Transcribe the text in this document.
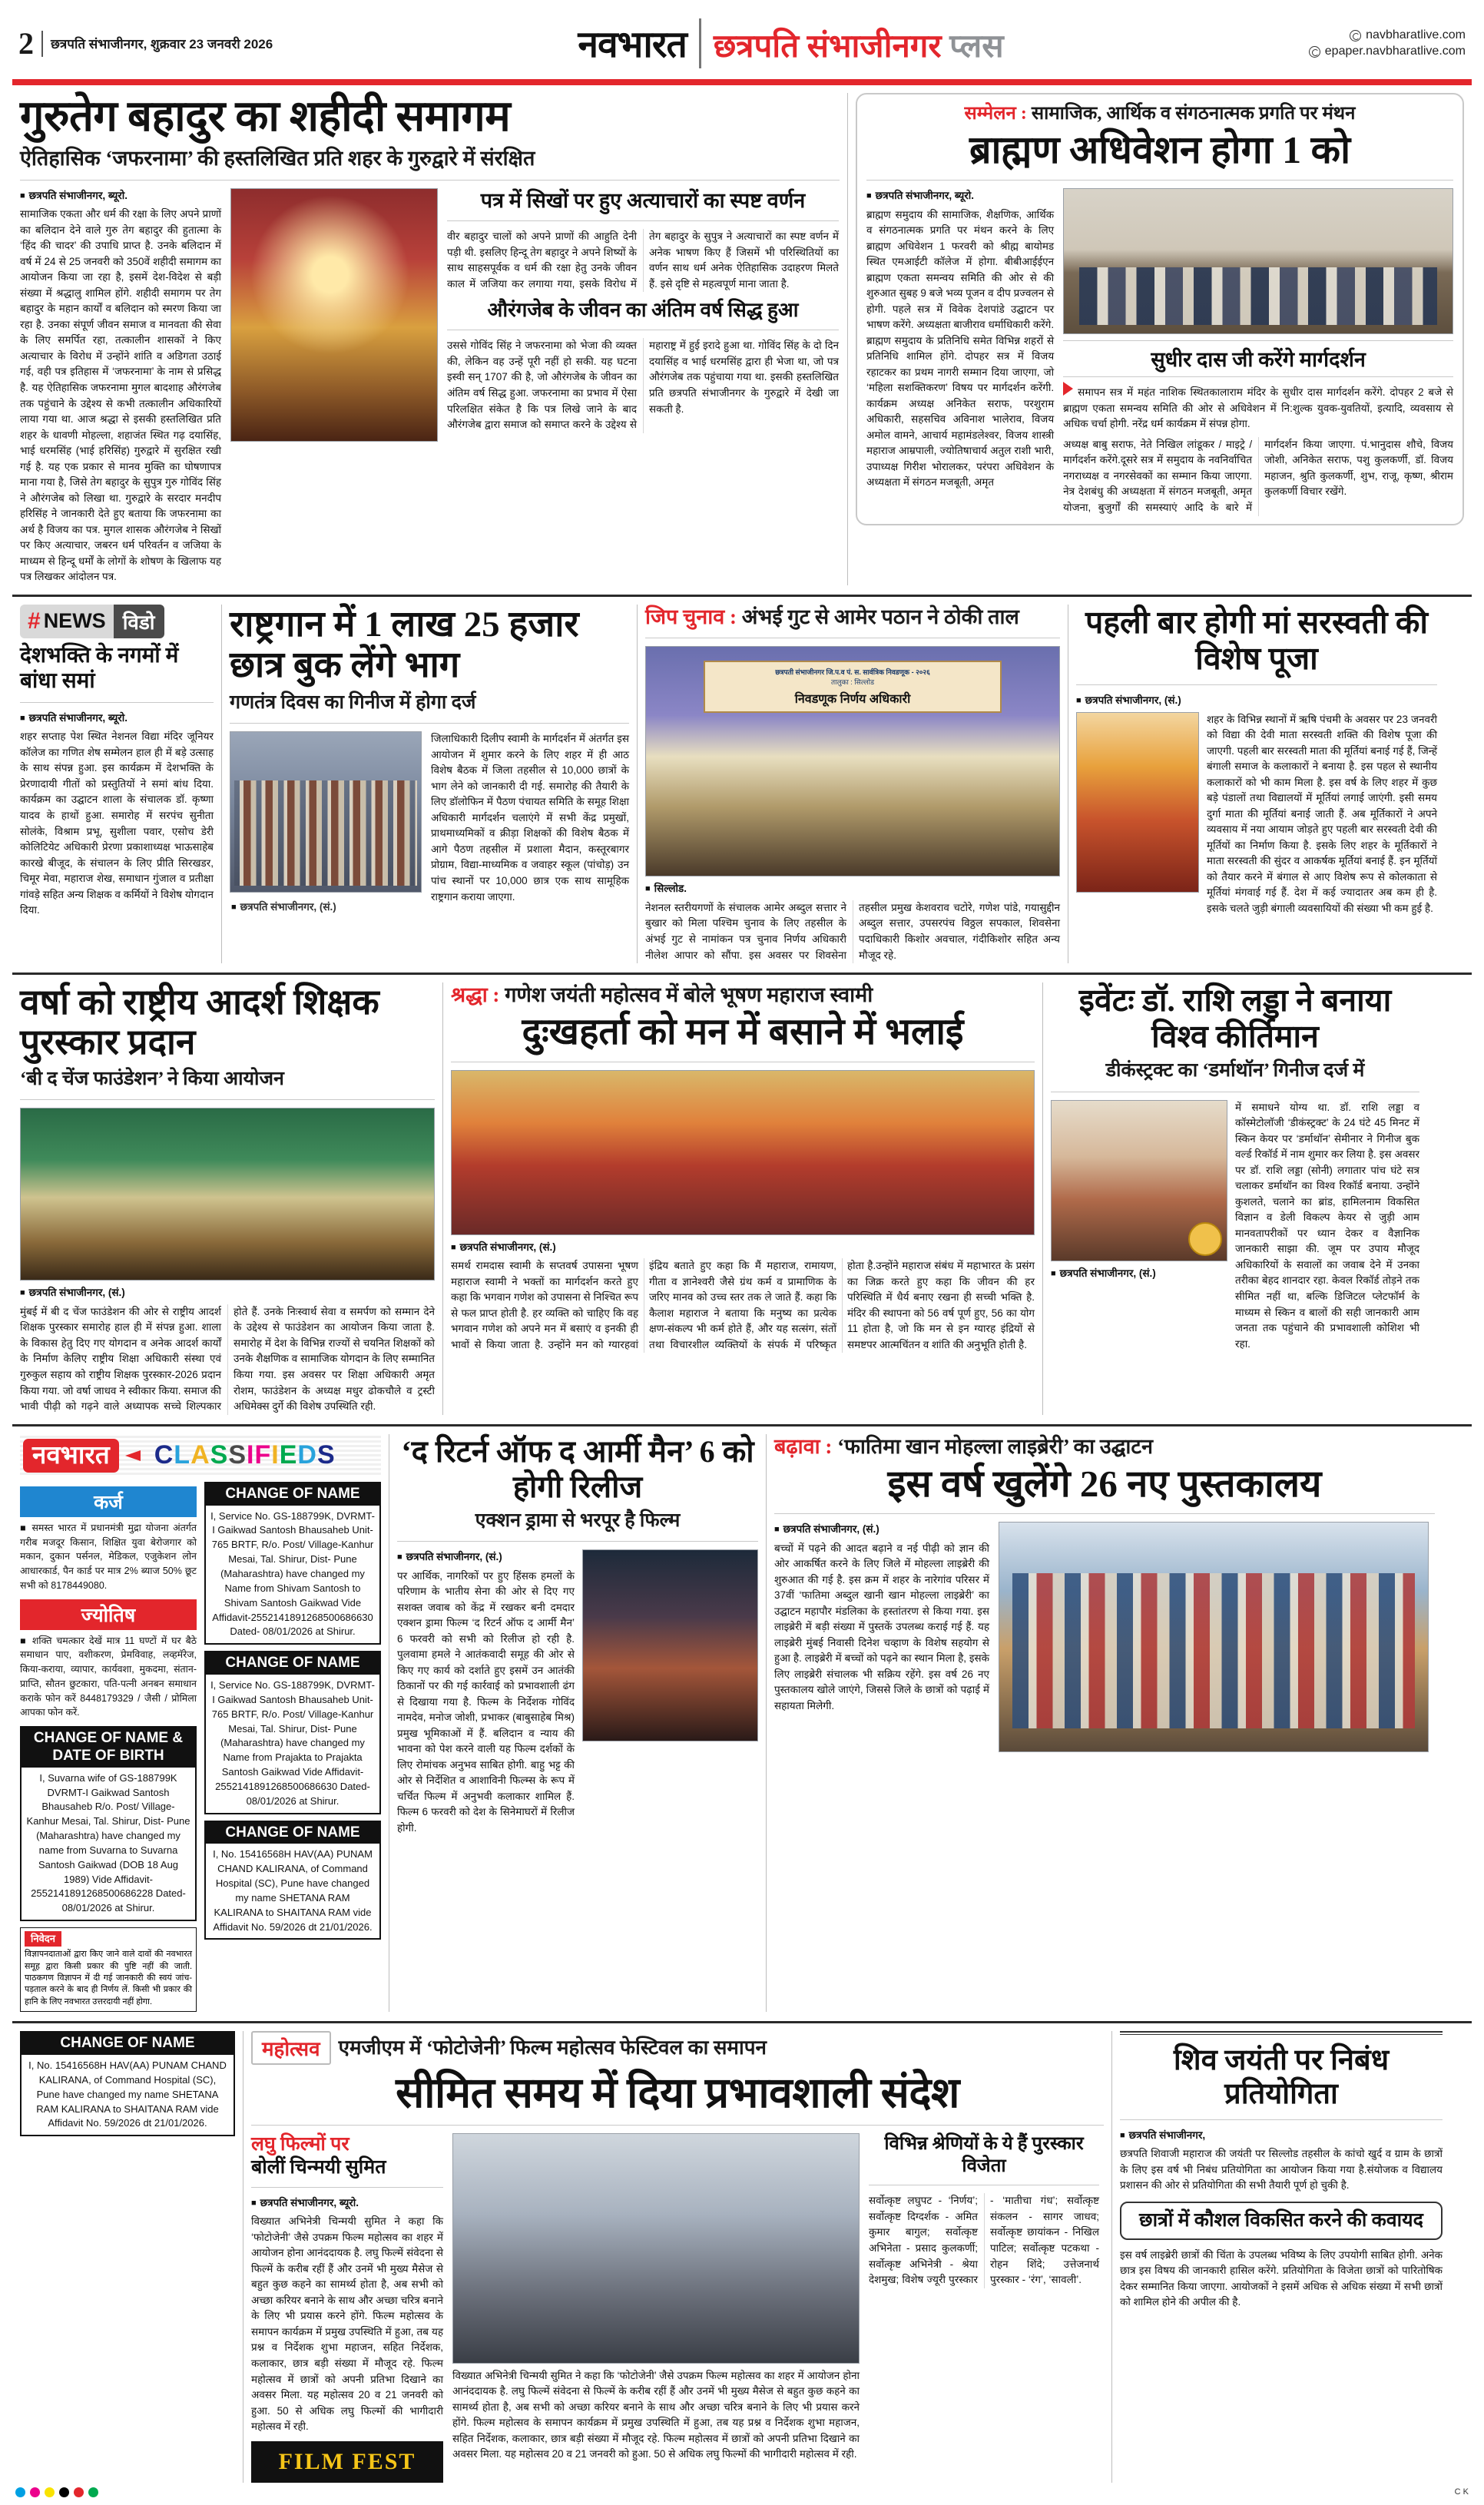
2 छत्रपति संभाजीनगर, शुक्रवार 23 जनवरी 2026	नवभारत छत्रपति संभाजीनगर प्लस	navbharatlive.com
epaper.navbharatlive.com
गुरुतेग बहादुर का शहीदी समागम
ऐतिहासिक ‘जफरनामा’ की हस्तलिखित प्रति शहर के गुरुद्वारे में संरक्षित
■ छत्रपति संभाजीनगर, ब्यूरो.
सामाजिक एकता और धर्म की रक्षा के लिए अपने प्राणों का बलिदान देने वाले गुरु तेग बहादुर की हुतात्मा के ‘हिंद की चादर’ की उपाधि प्राप्त है. उनके बलिदान में वर्ष में 24 से 25 जनवरी को 350वें शहीदी समागम का आयोजन किया जा रहा है, इसमें देश-विदेश से बड़ी संख्या में श्रद्धालु शामिल होंगे. शहीदी समागम पर तेग बहादुर के महान कार्यों व बलिदान को स्मरण किया जा रहा है. उनका संपूर्ण जीवन समाज व मानवता की सेवा के लिए समर्पित रहा, तत्कालीन शासकों ने किए अत्याचार के विरोध में उन्होंने शांति व अडिगता उठाई गई, वही पत्र इतिहास में ‘जफरनामा’ के नाम से प्रसिद्ध है. यह ऐतिहासिक जफरनामा मुगल बादशाह औरंगजेब तक पहुंचाने के उद्देश्य से कभी तत्कालीन अधिकारियों लाया गया था. आज श्रद्धा से इसकी हस्तलिखित प्रति शहर के धावणी मोहल्ला, शहाजंत स्थित गढ़ दयासिंह, भाई धरमसिंह (भाई हरिसिंह) गुरुद्वारे में सुरक्षित रखी गई है. यह एक प्रकार से मानव मुक्ति का घोषणापत्र माना गया है, जिसे तेग बहादुर के सुपुत्र गुरु गोविंद सिंह ने औरंगजेब को लिखा था. गुरुद्वारे के सरदार मनदीप हरिसिंह ने जानकारी देते हुए बताया कि जफरनामा का अर्थ है विजय का पत्र. मुगल शासक औरंगजेब ने सिखों पर किए अत्याचार, जबरन धर्म परिवर्तन व जजिया के माध्यम से हिन्दू धर्मों के लोगों के शोषण के खिलाफ यह पत्र लिखकर आंदोलन पत्र.
पत्र में सिखों पर हुए अत्याचारों का स्पष्ट वर्णन
वीर बहादुर चालों को अपने प्राणों की आहुति देनी पड़ी थी. इसलिए हिन्दू तेग बहादुर ने अपने शिष्यों के साथ साहसपूर्वक व धर्म की रक्षा हेतु उनके जीवन काल में जजिया कर लगाया गया, इसके विरोध में तेग बहादुर के सुपुत्र ने अत्याचारों का स्पष्ट वर्णन में अनेक भाषण किए हैं जिसमें भी परिस्थितियों का वर्णन साथ धर्म अनेक ऐतिहासिक उदाहरण मिलते हैं. इसे दृष्टि से महत्वपूर्ण माना जाता है.
औरंगजेब के जीवन का अंतिम वर्ष सिद्ध हुआ
उससे गोविंद सिंह ने जफरनामा को भेजा की व्यक्त की, लेकिन वह उन्हें पूरी नहीं हो सकी. यह घटना इस्वी सन् 1707 की है, जो औरंगजेब के जीवन का अंतिम वर्ष सिद्ध हुआ. जफरनामा का प्रभाव में ऐसा परिलक्षित संकेत है कि पत्र लिखे जाने के बाद औरंगजेब द्वारा समाज को समाप्त करने के उद्देश्य से महाराष्ट्र में हुई इरादे हुआ था. गोविंद सिंह के दो दिन दयासिंह व भाई धरमसिंह द्वारा ही भेजा था, जो पत्र औरंगजेब तक पहुंचाया गया था. इसकी हस्तलिखित प्रति छत्रपति संभाजीनगर के गुरुद्वारे में देखी जा सकती है.
सम्मेलन : सामाजिक, आर्थिक व संगठनात्मक प्रगति पर मंथन
ब्राह्मण अधिवेशन होगा 1 को
■ छत्रपति संभाजीनगर, ब्यूरो.
ब्राह्मण समुदाय की सामाजिक, शैक्षणिक, आर्थिक व संगठनात्मक प्रगति पर मंथन करने के लिए ब्राह्मण अधिवेशन 1 फरवरी को श्रीह्म बायोमड स्थित एमआईटी कॉलेज में होगा. बीबीआईईएन ब्राह्मण एकता समन्वय समिति की ओर से की शुरुआत सुबह 9 बजे भव्य पूजन व दीप प्रज्वलन से होगी. पहले सत्र में विवेक देशपांडे उद्घाटन पर भाषण करेंगे. अध्यक्षता बाजीराव धर्माधिकारी करेंगे. ब्राह्मण समुदाय के प्रतिनिधि समेत विभिन्न शहरों से प्रतिनिधि शामिल होंगे. दोपहर सत्र में विजय रहाटकर का प्रथम नागरी सम्मान दिया जाएगा, जो ‘महिला सशक्तिकरण’ विषय पर मार्गदर्शन करेंगी. कार्यक्रम अध्यक्ष अनिकेत सराफ, परशुराम अधिकारी, सहसचिव अविनाश भालेराव, विजय अमोल वामने, आचार्य महामंडलेश्वर, विजय शास्त्री महाराज आम्रपाली, ज्योतिषाचार्य अतुल राशी भारी, उपाध्यक्ष गिरीश भोरालकर, परंपरा अधिवेशन के अध्यक्षता में संगठन मजबूती, अमृत
सुधीर दास जी करेंगे मार्गदर्शन
समापन सत्र में महंत नाशिक स्थितकालाराम मंदिर के सुधीर दास मार्गदर्शन करेंगे. दोपहर 2 बजे से ब्राह्मण एकता समन्वय समिति की ओर से अधिवेशन में नि:शुल्क युवक-युवतियों, इत्यादि, व्यवसाय से अधिक चर्चा होगी. नरेंद्र धर्म कार्यक्रम में संपन्न होगा.
अध्यक्ष बाबु सराफ, नेते निखिल लांडूकर / माइट्रे / मार्गदर्शन करेंगे.दूसरे सत्र में समुदाय के नवनिर्वाचित नगराध्यक्ष व नगरसेवकों का सम्मान किया जाएगा. नेत्र देशबंधु की अध्यक्षता में संगठन मजबूती, अमृत योजना, बुजुर्गों की समस्याएं आदि के बारे में मार्गदर्शन किया जाएगा. पं.भानुदास शौचे, विजय जोशी, अनिकेत सराफ, पशु कुलकर्णी, डॉ. विजय महाजन, श्रुति कुलकर्णी, शुभ, राजू, कृष्ण, श्रीराम कुलकर्णी विचार रखेंगे.
# NEWS विडो
देशभक्ति के नगमों में बांधा समां
■ छत्रपति संभाजीनगर, ब्यूरो.
शहर सप्ताह पेश स्थित नेशनल विद्या मंदिर जूनियर कॉलेज का गणित शेष सम्मेलन हाल ही में बड़े उत्साह के साथ संपन्न हुआ. इस कार्यक्रम में देशभक्ति के प्रेरणादायी गीतों को प्रस्तुतियों ने समां बांध दिया. कार्यक्रम का उद्घाटन शाला के संचालक डॉ. कृष्णा यादव के हाथों हुआ. समारोह में सरपंच सुनीता सोलंके, विश्राम प्रभू, सुशीला पवार, एसोच डेरी कोलिटियेट अधिकारी प्रेरणा प्रकाशाध्यक्ष भाऊसाहेब कारखे बीजूद, के संचालन के लिए प्रीति सिरखडर, चिमूर मेवा, महाराज शेख, समाधान गुंजाल व प्रतीक्षा गांवड़े सहित अन्य शिक्षक व कर्मियों ने विशेष योगदान दिया.
राष्ट्रगान में 1 लाख 25 हजार छात्र बुक लेंगे भाग
गणतंत्र दिवस का गिनीज में होगा दर्ज
■ छत्रपति संभाजीनगर, (सं.)
जिलाधिकारी दिलीप स्वामी के मार्गदर्शन में अंतर्गत इस आयोजन में शुमार करने के लिए शहर में ही आठ विशेष बैठक में जिला तहसील से 10,000 छात्रों के भाग लेने को जानकारी दी गई. समारोह की तैयारी के लिए डॉलोफिन में पैठण पंचायत समिति के समूह शिक्षा अधिकारी मार्गदर्शन चलाएंगे में सभी केंद्र प्रमुखों, प्राथमाध्यमिकों व क्रीड़ा शिक्षकों की विशेष बैठक में आगे पैठण तहसील में प्रशाला मैदान, कस्तूरबागर प्रोग्राम, विद्या-माध्यमिक व जवाहर स्कूल (पांचोड़) उन पांच स्थानों पर 10,000 छात्र एक साथ सामूहिक राष्ट्रगान कराया जाएगा.
जिप चुनाव : अंभई गुट से आमेर पठान ने ठोकी ताल
छत्रपती संभाजीनगर जि.प.व पं. स. सार्वत्रिक निवडणूक - २०२६
तालुका : सिल्लोड
निवडणूक निर्णय अधिकारी
■ सिल्लोड.
नेशनल स्तरीयगणों के संचालक आमेर अब्दुल सत्तार ने बुखार को मिला पश्चिम चुनाव के लिए तहसील के अंभई गुट से नामांकन पत्र चुनाव निर्णय अधिकारी नीलेश आपार को सौंपा. इस अवसर पर शिवसेना तहसील प्रमुख केशवराव चटोरे, गणेश पांडे, गयासुद्दीन अब्दुल सत्तार, उपसरपंच विठ्ठल सपकाल, शिवसेना पदाधिकारी किशोर अवचाल, गंदीकिशोर सहित अन्य मौजूद रहे.
पहली बार होगी मां सरस्वती की विशेष पूजा
■ छत्रपति संभाजीनगर, (सं.)
शहर के विभिन्न स्थानों में ऋषि पंचमी के अवसर पर 23 जनवरी को विद्या की देवी माता सरस्वती शक्ति की विशेष पूजा की जाएगी. पहली बार सरस्वती माता की मूर्तियां बनाई गई हैं, जिन्हें बंगाली समाज के कलाकारों ने बनाया है. इस पहल से स्थानीय कलाकारों को भी काम मिला है. इस वर्ष के लिए शहर में कुछ बड़े पंडालों तथा विद्यालयों में मूर्तियां लगाई जाएंगी. इसी समय दुर्गा माता की मूर्तियां बनाई जाती हैं. अब मूर्तिकारों ने अपने व्यवसाय में नया आयाम जोड़ते हुए पहली बार सरस्वती देवी की मूर्तियों का निर्माण किया है. इसके लिए शहर के मूर्तिकारों ने माता सरस्वती की सुंदर व आकर्षक मूर्तियां बनाई हैं. इन मूर्तियों को तैयार करने में बंगाल से आए विशेष रूप से कोलकाता से मूर्तियां मंगवाई गई हैं. देश में कई ज्यादातर अब कम ही है. इसके चलते जुड़ी बंगाली व्यवसायियों की संख्या भी कम हुई है.
वर्षा को राष्ट्रीय आदर्श शिक्षक पुरस्कार प्रदान
‘बी द चेंज फाउंडेशन’ ने किया आयोजन
■ छत्रपति संभाजीनगर, (सं.)
मुंबई में बी द चेंज फाउंडेशन की ओर से राष्ट्रीय आदर्श शिक्षक पुरस्कार समारोह हाल ही में संपन्न हुआ. शाला के विकास हेतु दिए गए योगदान व अनेक आदर्श कार्यों के निर्माण केलिए राष्ट्रीय शिक्षा अधिकारी संस्था एवं गुरुकुल सहाय को राष्ट्रीय शिक्षक पुरस्कार-2026 प्रदान किया गया. जो वर्षा जाधव ने स्वीकार किया. समाज की भावी पीढ़ी को गढ़ने वाले अध्यापक सच्चे शिल्पकार होते हैं. उनके निःस्वार्थ सेवा व समर्पण को सम्मान देने के उद्देश्य से फाउंडेशन का आयोजन किया जाता है. समारोह में देश के विभिन्न राज्यों से चयनित शिक्षकों को उनके शैक्षणिक व सामाजिक योगदान के लिए सम्मानित किया गया. इस अवसर पर शिक्षा अधिकारी अमृत रोशम, फाउंडेशन के अध्यक्ष मधुर ढोकचौले व ट्रस्टी अधिमेक्स दुर्गे की विशेष उपस्थिति रही.
श्रद्धा : गणेश जयंती महोत्सव में बोले भूषण महाराज स्वामी
दुःखहर्ता को मन में बसाने में भलाई
■ छत्रपति संभाजीनगर, (सं.)
समर्थ रामदास स्वामी के सप्तवर्ष उपासना भूषण महाराज स्वामी ने भक्तों का मार्गदर्शन करते हुए कहा कि भगवान गणेश को उपासना से निश्चित रूप से फल प्राप्त होती है. हर व्यक्ति को चाहिए कि वह भगवान गणेश को अपने मन में बसाएं व इनकी ही भावों से किया जाता है. उन्होंने मन को ग्यारहवां इंद्रिय बताते हुए कहा कि मैं महाराज, रामायण, गीता व ज्ञानेश्वरी जैसे ग्रंथ कर्म व प्रामाणिक के जरिए मानव को उच्च स्तर तक ले जाते हैं. कहा कि कैलाश महाराज ने बताया कि मनुष्य का प्रत्येक क्षण-संकल्प भी कर्म होते हैं, और यह सत्संग, संतों तथा विचारशील व्यक्तियों के संपर्क में परिष्कृत होता है.उन्होंने महाराज संबंध में महाभारत के प्रसंग का जिक्र करते हुए कहा कि जीवन की हर परिस्थिति में धैर्य बनाए रखना ही सच्ची भक्ति है. मंदिर की स्थापना को 56 वर्ष पूर्ण हुए, 56 का योग 11 होता है, जो कि मन से इन ग्यारह इंद्रियों से समष्टपर आत्मचिंतन व शांति की अनुभूति होती है.
इवेंटः डॉ. राशि लड्डा ने बनाया विश्व कीर्तिमान
डीकंस्ट्रक्ट का ‘डर्माथॉन’ गिनीज दर्ज में
■ छत्रपति संभाजीनगर, (सं.)
में समाधने योग्य था. डॉ. राशि लड्डा व कॉस्मेटोलाॅजी ‘डीकंस्ट्रक्ट’ के 24 घंटे 45 मिनट में स्किन केयर पर ‘डर्माथॉन’ सेमीनार ने गिनीज बुक वर्ल्ड रिकॉर्ड में नाम शुमार कर लिया है. इस अवसर पर डॉ. राशि लड्डा (सोनी) लगातार पांच घंटे सत्र चलाकर डर्माथॉन का विश्व रिकॉर्ड बनाया. उन्होंने कुशलते, चलाने का ब्रांड, हामिलनाम विकसित विज्ञान व डेली विकल्प केयर से जुड़ी आम मानवतापरीकों पर ध्यान देकर व वैज्ञानिक जानकारी साझा की. जूम पर उपाय मौजूद अधिकारियों के सवालों का जवाब देने में उनका तरीका बेहद शानदार रहा. केवल रिकॉर्ड तोड़ने तक सीमित नहीं था, बल्कि डिजिटल प्लेटफॉर्म के माध्यम से स्किन व बालों की सही जानकारी आम जनता तक पहुंचाने की प्रभावशाली कोशिश भी रहा.
नवभारत	CLASSIFIEDS
कर्ज
■ समस्त भारत में प्रधानमंत्री मुद्रा योजना अंतर्गत गरीब मजदूर किसान, शिक्षित युवा बेरोजगार को मकान, दुकान पर्सनल, मेडिकल, एजुकेशन लोन आधारकार्ड, पैन कार्ड पर मात्र 2% ब्याज 50% छूट सभी को 8178449080.
ज्योतिष
■ शक्ति चमत्कार देखें मात्र 11 घण्टों में घर बैठे समाधान पाए, वशीकरण, प्रेमविवाह, लव्हमॅरेज, किया-कराया, व्यापार, कार्यवशा, मुकदमा, संतान-प्राप्ति, सौतन छुटकारा, पति-पत्नी अनबन समाधान कराके फोन करें 8448179329 / जैसी / प्रोमिला आपका फोन करें.
CHANGE OF NAME & DATE OF BIRTH
I, Suvarna wife of GS-188799K DVRMT-I Gaikwad Santosh Bhausaheb R/o. Post/ Village- Kanhur Mesai, Tal. Shirur, Dist- Pune (Maharashtra) have changed my name from Suvarna to Suvarna Santosh Gaikwad (DOB 18 Aug 1989) Vide Affidavit-2552141891268500686228 Dated- 08/01/2026 at Shirur.
निवेदन
विज्ञापनदाताओं द्वारा किए जाने वाले दावों की नवभारत समूह द्वारा किसी प्रकार की पुष्टि नहीं की जाती. पाठकगण विज्ञापन में दी गई जानकारी की स्वयं जांच-पड़ताल करने के बाद ही निर्णय लें. किसी भी प्रकार की हानि के लिए नवभारत उत्तरदायी नहीं होगा.
CHANGE OF NAME
I, Service No. GS-188799K, DVRMT-I Gaikwad Santosh Bhausaheb Unit- 765 BRTF, R/o. Post/ Village-Kanhur Mesai, Tal. Shirur, Dist- Pune (Maharashtra) have changed my Name from Shivam Santosh to Shivam Santosh Gaikwad Vide Affidavit-2552141891268500686630 Dated- 08/01/2026 at Shirur.
CHANGE OF NAME
I, Service No. GS-188799K, DVRMT-I Gaikwad Santosh Bhausaheb Unit- 765 BRTF, R/o. Post/ Village-Kanhur Mesai, Tal. Shirur, Dist- Pune (Maharashtra) have changed my Name from Prajakta to Prajakta Santosh Gaikwad Vide Affidavit-2552141891268500686630 Dated- 08/01/2026 at Shirur.
CHANGE OF NAME
I, No. 15416568H HAV(AA) PUNAM CHAND KALIRANA, of Command Hospital (SC), Pune have changed my name SHETANA RAM KALIRANA to SHAITANA RAM vide Affidavit No. 59/2026 dt 21/01/2026.
‘द रिटर्न ऑफ द आर्मी मैन’ 6 को होगी रिलीज
एक्शन ड्रामा से भरपूर है फिल्म
■ छत्रपति संभाजीनगर, (सं.)
पर आर्थिक, नागरिकों पर हुए हिंसक हमलों के परिणाम के भातीय सेना की ओर से दिए गए सशक्त जवाब को केंद्र में रखकर बनी दमदार एक्शन ड्रामा फिल्म ‘द रिटर्न ऑफ द आर्मी मैन’ 6 फरवरी को सभी को रिलीज हो रही है. पुलवामा हमले ने आतंकवादी समूह की ओर से किए गए कार्य को दर्शाते हुए इसमें उन आतंकी ठिकानों पर की गई कार्रवाई को प्रभावशाली ढंग से दिखाया गया है. फिल्म के निर्देशक गोविंद नामदेव, मनोज जोशी, प्रभाकर (बाबुसाहेब मिश्र) प्रमुख भूमिकाओं में हैं. बलिदान व न्याय की भावना को पेश करने वाली यह फिल्म दर्शकों के लिए रोमांचक अनुभव साबित होगी. बाहु भट्ट की ओर से निर्देशित व आशाविनी फिल्म्स के रूप में चर्चित फिल्म में अनुभवी कलाकार शामिल हैं. फिल्म 6 फरवरी को देश के सिनेमाघरों में रिलीज होगी.
बढ़ावा : ‘फातिमा खान मोहल्ला लाइब्रेरी’ का उद्घाटन
इस वर्ष खुलेंगे 26 नए पुस्तकालय
■ छत्रपति संभाजीनगर, (सं.)
बच्चों में पढ़ने की आदत बढ़ाने व नई पीढ़ी को ज्ञान की ओर आकर्षित करने के लिए जिले में मोहल्ला लाइब्रेरी की शुरुआत की गई है. इस क्रम में शहर के नारेगांव परिसर में 37वीं ‘फातिमा अब्दुल खानी खान मोहल्ला लाइब्रेरी’ का उद्घाटन महापौर मंडलिका के हस्तांतरण से किया गया. इस लाइब्रेरी में बड़ी संख्या में पुस्तकें उपलब्ध कराई गई हैं. यह लाइब्रेरी मुंबई निवासी दिनेश चव्हाण के विशेष सहयोग से हुआ है. लाइब्रेरी में बच्चों को पढ़ने का स्थान मिला है, इसके लिए लाइब्रेरी संचालक भी सक्रिय रहेंगे. इस वर्ष 26 नए पुस्तकालय खोले जाएंगे, जिससे जिले के छात्रों को पढ़ाई में सहायता मिलेगी.
CHANGE OF NAME
I, No. 15416568H HAV(AA) PUNAM CHAND KALIRANA, of Command Hospital (SC), Pune have changed my name SHETANA RAM KALIRANA to SHAITANA RAM vide Affidavit No. 59/2026 dt 21/01/2026.
महोत्सव एमजीएम में ‘फोटोजेनी’ फिल्म महोत्सव फेस्टिवल का समापन
सीमित समय में दिया प्रभावशाली संदेश
लघु फिल्मों पर
बोलीं चिन्मयी सुमित
■ छत्रपति संभाजीनगर, ब्यूरो.
विख्यात अभिनेत्री चिन्मयी सुमित ने कहा कि ‘फोटोजेनी’ जैसे उपक्रम फिल्म महोत्सव का शहर में आयोजन होना आनंददायक है. लघु फिल्में संवेदना से फिल्में के करीब रहीं हैं और उनमें भी मुख्य मैसेज से बहुत कुछ कहने का सामर्थ्य होता है, अब सभी को अच्छा करियर बनाने के साथ और अच्छा चरित्र बनाने के लिए भी प्रयास करने होंगे. फिल्म महोत्सव के समापन कार्यक्रम में प्रमुख उपस्थिति में हुआ, तब यह प्रश्न व निर्देशक शुभा महाजन, सहित निर्देशक, कलाकार, छात्र बड़ी संख्या में मौजूद रहे. फिल्म महोत्सव में छात्रों को अपनी प्रतिभा दिखाने का अवसर मिला. यह महोत्सव 20 व 21 जनवरी को हुआ. 50 से अधिक लघु फिल्मों की भागीदारी महोत्सव में रही.
FILM FEST
विख्यात अभिनेत्री चिन्मयी सुमित ने कहा कि ‘फोटोजेनी’ जैसे उपक्रम फिल्म महोत्सव का शहर में आयोजन होना आनंददायक है. लघु फिल्में संवेदना से फिल्में के करीब रहीं हैं और उनमें भी मुख्य मैसेज से बहुत कुछ कहने का सामर्थ्य होता है, अब सभी को अच्छा करियर बनाने के साथ और अच्छा चरित्र बनाने के लिए भी प्रयास करने होंगे. फिल्म महोत्सव के समापन कार्यक्रम में प्रमुख उपस्थिति में हुआ, तब यह प्रश्न व निर्देशक शुभा महाजन, सहित निर्देशक, कलाकार, छात्र बड़ी संख्या में मौजूद रहे. फिल्म महोत्सव में छात्रों को अपनी प्रतिभा दिखाने का अवसर मिला. यह महोत्सव 20 व 21 जनवरी को हुआ. 50 से अधिक लघु फिल्मों की भागीदारी महोत्सव में रही.
विभिन्न श्रेणियों के ये हैं पुरस्कार विजेता
सर्वोत्कृष्ट लघुपट - ‘निर्णय’; सर्वोत्कृष्ट दिग्दर्शक - अमित कुमार बागुल; सर्वोत्कृष्ट अभिनेता - प्रसाद कुलकर्णी; सर्वोत्कृष्ट अभिनेत्री - श्रेया देशमुख; विशेष ज्यूरी पुरस्कार - ‘मातीचा गंध’; सर्वोत्कृष्ट संकलन - सागर जाधव; सर्वोत्कृष्ट छायांकन - निखिल पाटिल; सर्वोत्कृष्ट पटकथा - रोहन शिंदे; उत्तेजनार्थ पुरस्कार - ‘रंग’, ‘सावली’.
शिव जयंती पर निबंध प्रतियोगिता
■ छत्रपति संभाजीनगर,
छत्रपति शिवाजी महाराज की जयंती पर सिल्लोड तहसील के कांचो खुर्द व ग्राम के छात्रों के लिए इस वर्ष भी निबंध प्रतियोगिता का आयोजन किया गया है.संयोजक व विद्यालय प्रशासन की ओर से प्रतियोगिता की सभी तैयारी पूर्ण हो चुकी है.
छात्रों में कौशल विकसित करने की कवायद
इस वर्ष लाइब्रेरी छात्रों की चिंता के उपलब्ध भविष्य के लिए उपयोगी साबित होगी. अनेक छात्र इस विषय की जानकारी हासिल करेंगे. प्रतियोगिता के विजेता छात्रों को पारितोषिक देकर सम्मानित किया जाएगा. आयोजकों ने इसमें अधिक से अधिक संख्या में सभी छात्रों को शामिल होने की अपील की है.
C K
